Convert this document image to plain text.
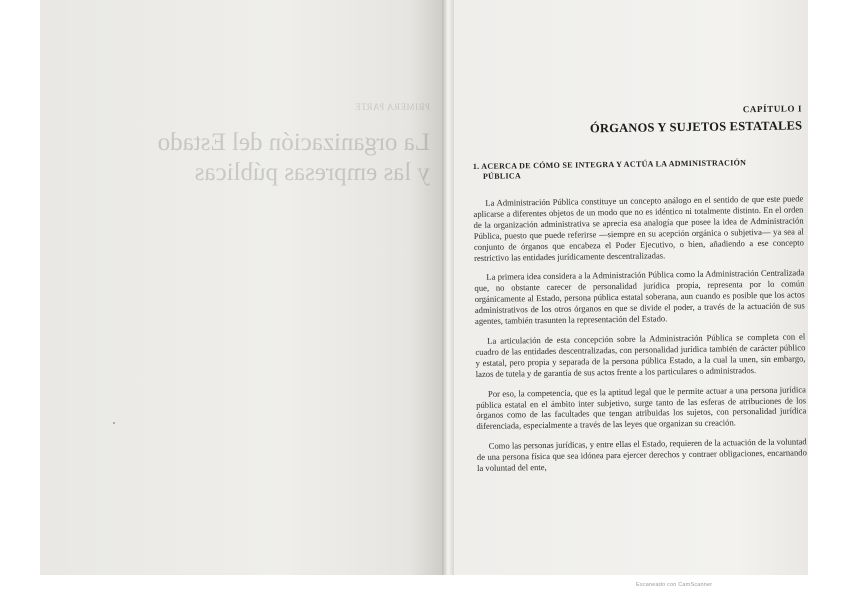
PRIMERA PARTE
La organización del Estado
y las empresas públicas

CAPÍTULO I

ÓRGANOS Y SUJETOS ESTATALES

1. ACERCA DE CÓMO SE INTEGRA Y ACTÚA LA ADMINISTRACIÓN
PÚBLICA

La Administración Pública constituye un concepto análogo en el sentido de que este puede aplicarse a diferentes objetos de un modo que no es idéntico ni totalmente distinto. En el orden de la organización administrativa se aprecia esa analogía que posee la idea de Administración Pública, puesto que puede referirse —siempre en su acepción orgánica o subjetiva— ya sea al conjunto de órganos que encabeza el Poder Ejecutivo, o bien, añadiendo a ese concepto restrictivo las entidades jurídicamente descentralizadas.

La primera idea considera a la Administración Pública como la Administración Centralizada que, no obstante carecer de personalidad jurídica propia, representa por lo común orgánicamente al Estado, persona pública estatal soberana, aun cuando es posible que los actos administrativos de los otros órganos en que se divide el poder, a través de la actuación de sus agentes, también trasunten la representación del Estado.

La articulación de esta concepción sobre la Administración Pública se completa con el cuadro de las entidades descentralizadas, con personalidad jurídica también de carácter público y estatal, pero propia y separada de la persona pública Estado, a la cual la unen, sin embargo, lazos de tutela y de garantía de sus actos frente a los particulares o administrados.

Por eso, la competencia, que es la aptitud legal que le permite actuar a una persona jurídica pública estatal en el ámbito inter subjetivo, surge tanto de las esferas de atribuciones de los órganos como de las facultades que tengan atribuidas los sujetos, con personalidad jurídica diferenciada, especialmente a través de las leyes que organizan su creación.

Como las personas jurídicas, y entre ellas el Estado, requieren de la actuación de la voluntad de una persona física que sea idónea para ejercer derechos y contraer obligaciones, encarnando la voluntad del ente,

Escaneado con CamScanner
